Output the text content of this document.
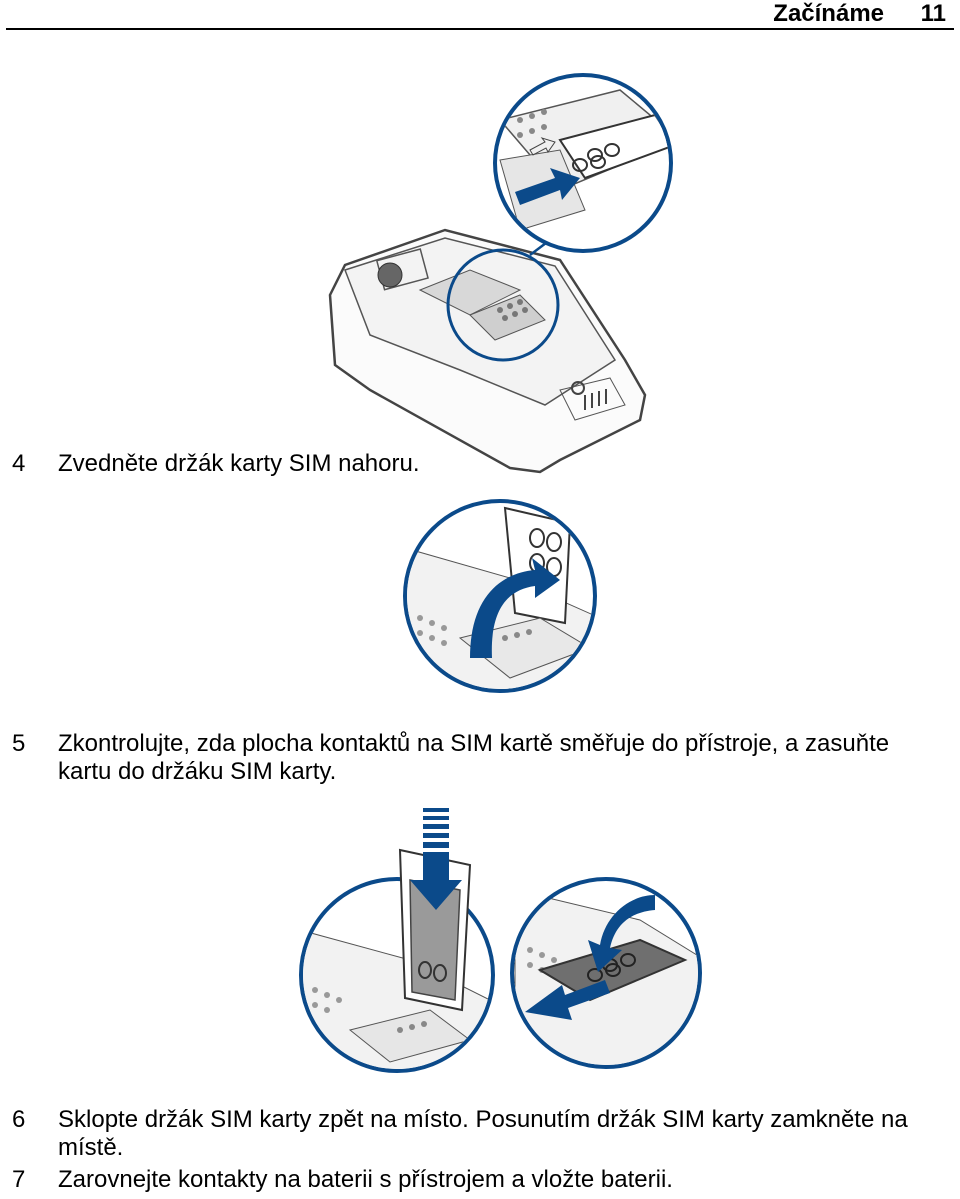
Začínáme 11
4 Zvedněte držák karty SIM nahoru.
5 Zkontrolujte, zda plocha kontaktů na SIM kartě směřuje do přístroje, a zasuňte kartu do držáku SIM karty.
6 Sklopte držák SIM karty zpět na místo. Posunutím držák SIM karty zamkněte na místě.
7 Zarovnejte kontakty na baterii s přístrojem a vložte baterii.
